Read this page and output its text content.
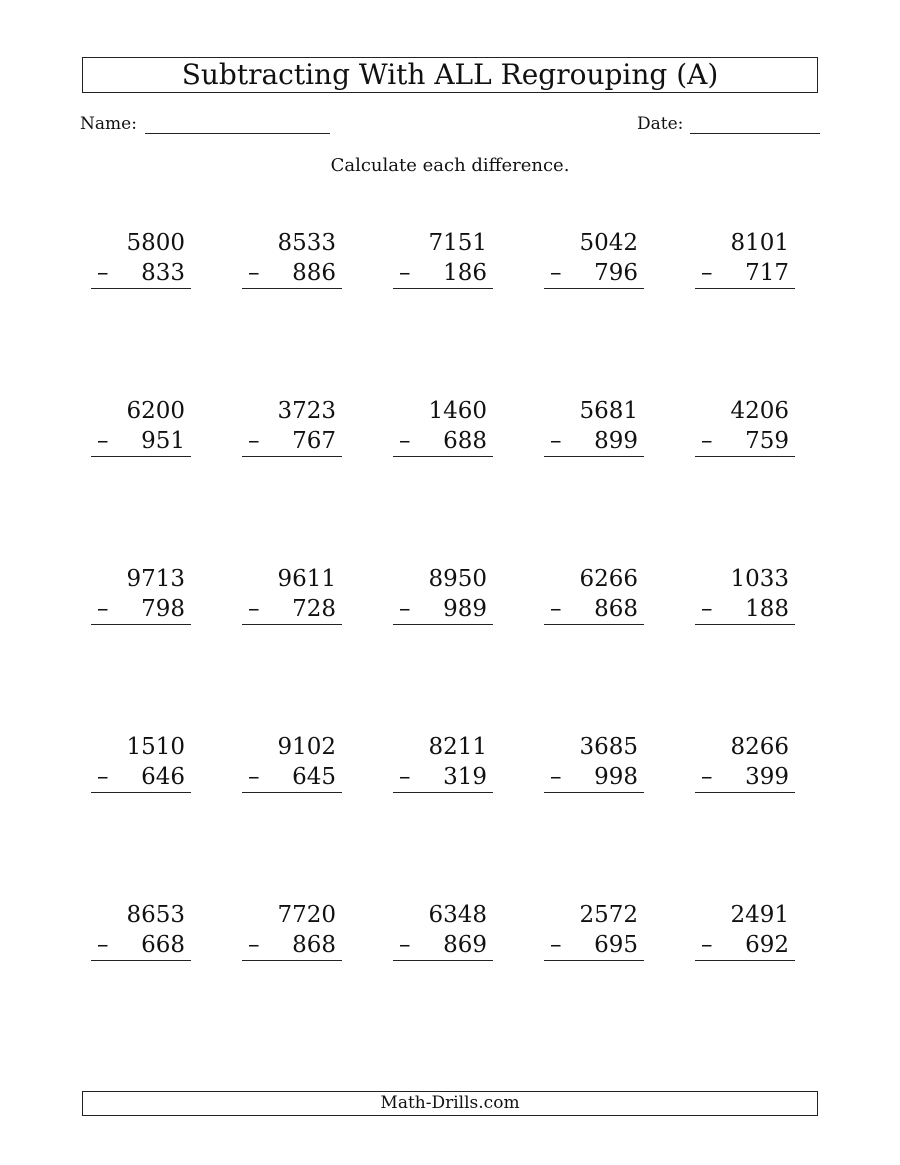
Subtracting With ALL Regrouping (A)
Name:	Date:
Calculate each difference.
5800
– 833
8533
– 886
7151
– 186
5042
– 796
8101
– 717
6200
– 951
3723
– 767
1460
– 688
5681
– 899
4206
– 759
9713
– 798
9611
– 728
8950
– 989
6266
– 868
1033
– 188
1510
– 646
9102
– 645
8211
– 319
3685
– 998
8266
– 399
8653
– 668
7720
– 868
6348
– 869
2572
– 695
2491
– 692
Math-Drills.com
